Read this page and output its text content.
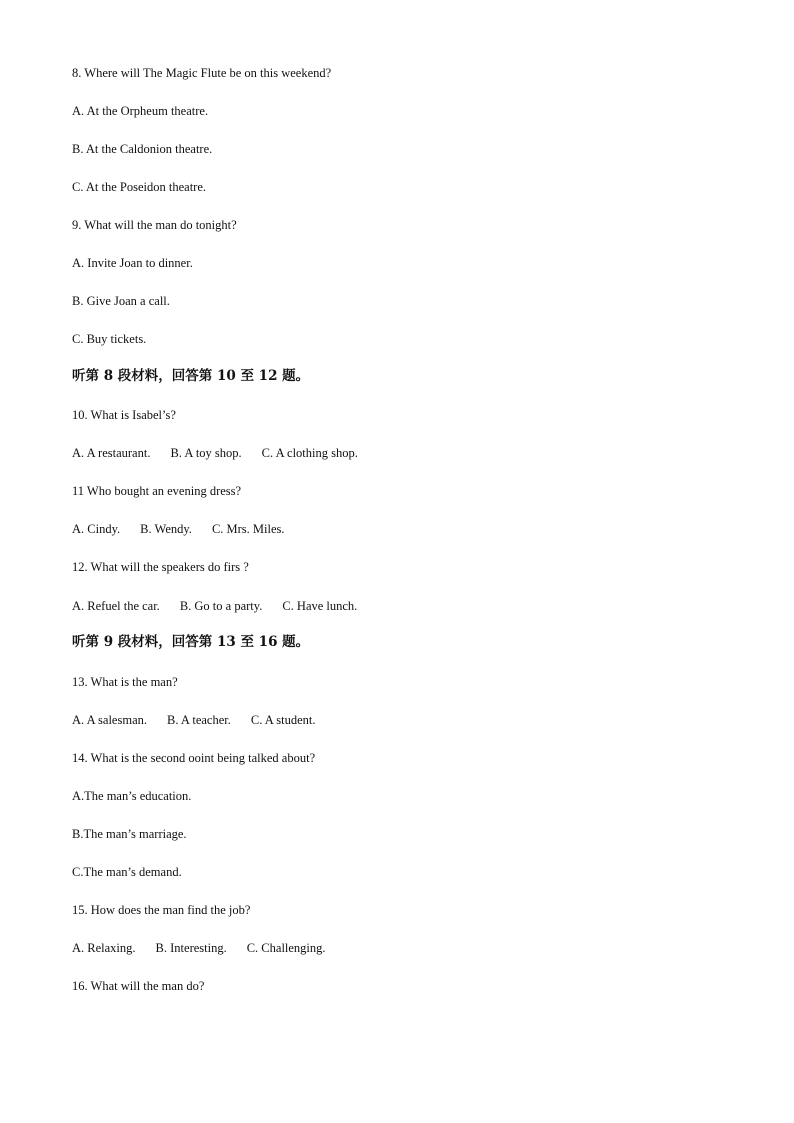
8. Where will The Magic Flute be on this weekend?
A. At the Orpheum theatre.
B. At the Caldonion theatre.
C. At the Poseidon theatre.
9. What will the man do tonight?
A. Invite Joan to dinner.
B. Give Joan a call.
C. Buy tickets.
听第 8 段材料，回答第 10 至 12 题。
10. What is Isabel’s?
A. A restaurant. B. A toy shop. C. A clothing shop.
11 Who bought an evening dress?
A. Cindy. B. Wendy. C. Mrs. Miles.
12. What will the speakers do firs ?
A. Refuel the car. B. Go to a party. C. Have lunch.
听第 9 段材料，回答第 13 至 16 题。
13. What is the man?
A. A salesman. B. A teacher. C. A student.
14. What is the second ooint being talked about?
A.The man’s education.
B.The man’s marriage.
C.The man’s demand.
15. How does the man find the job?
A. Relaxing. B. Interesting. C. Challenging.
16. What will the man do?
